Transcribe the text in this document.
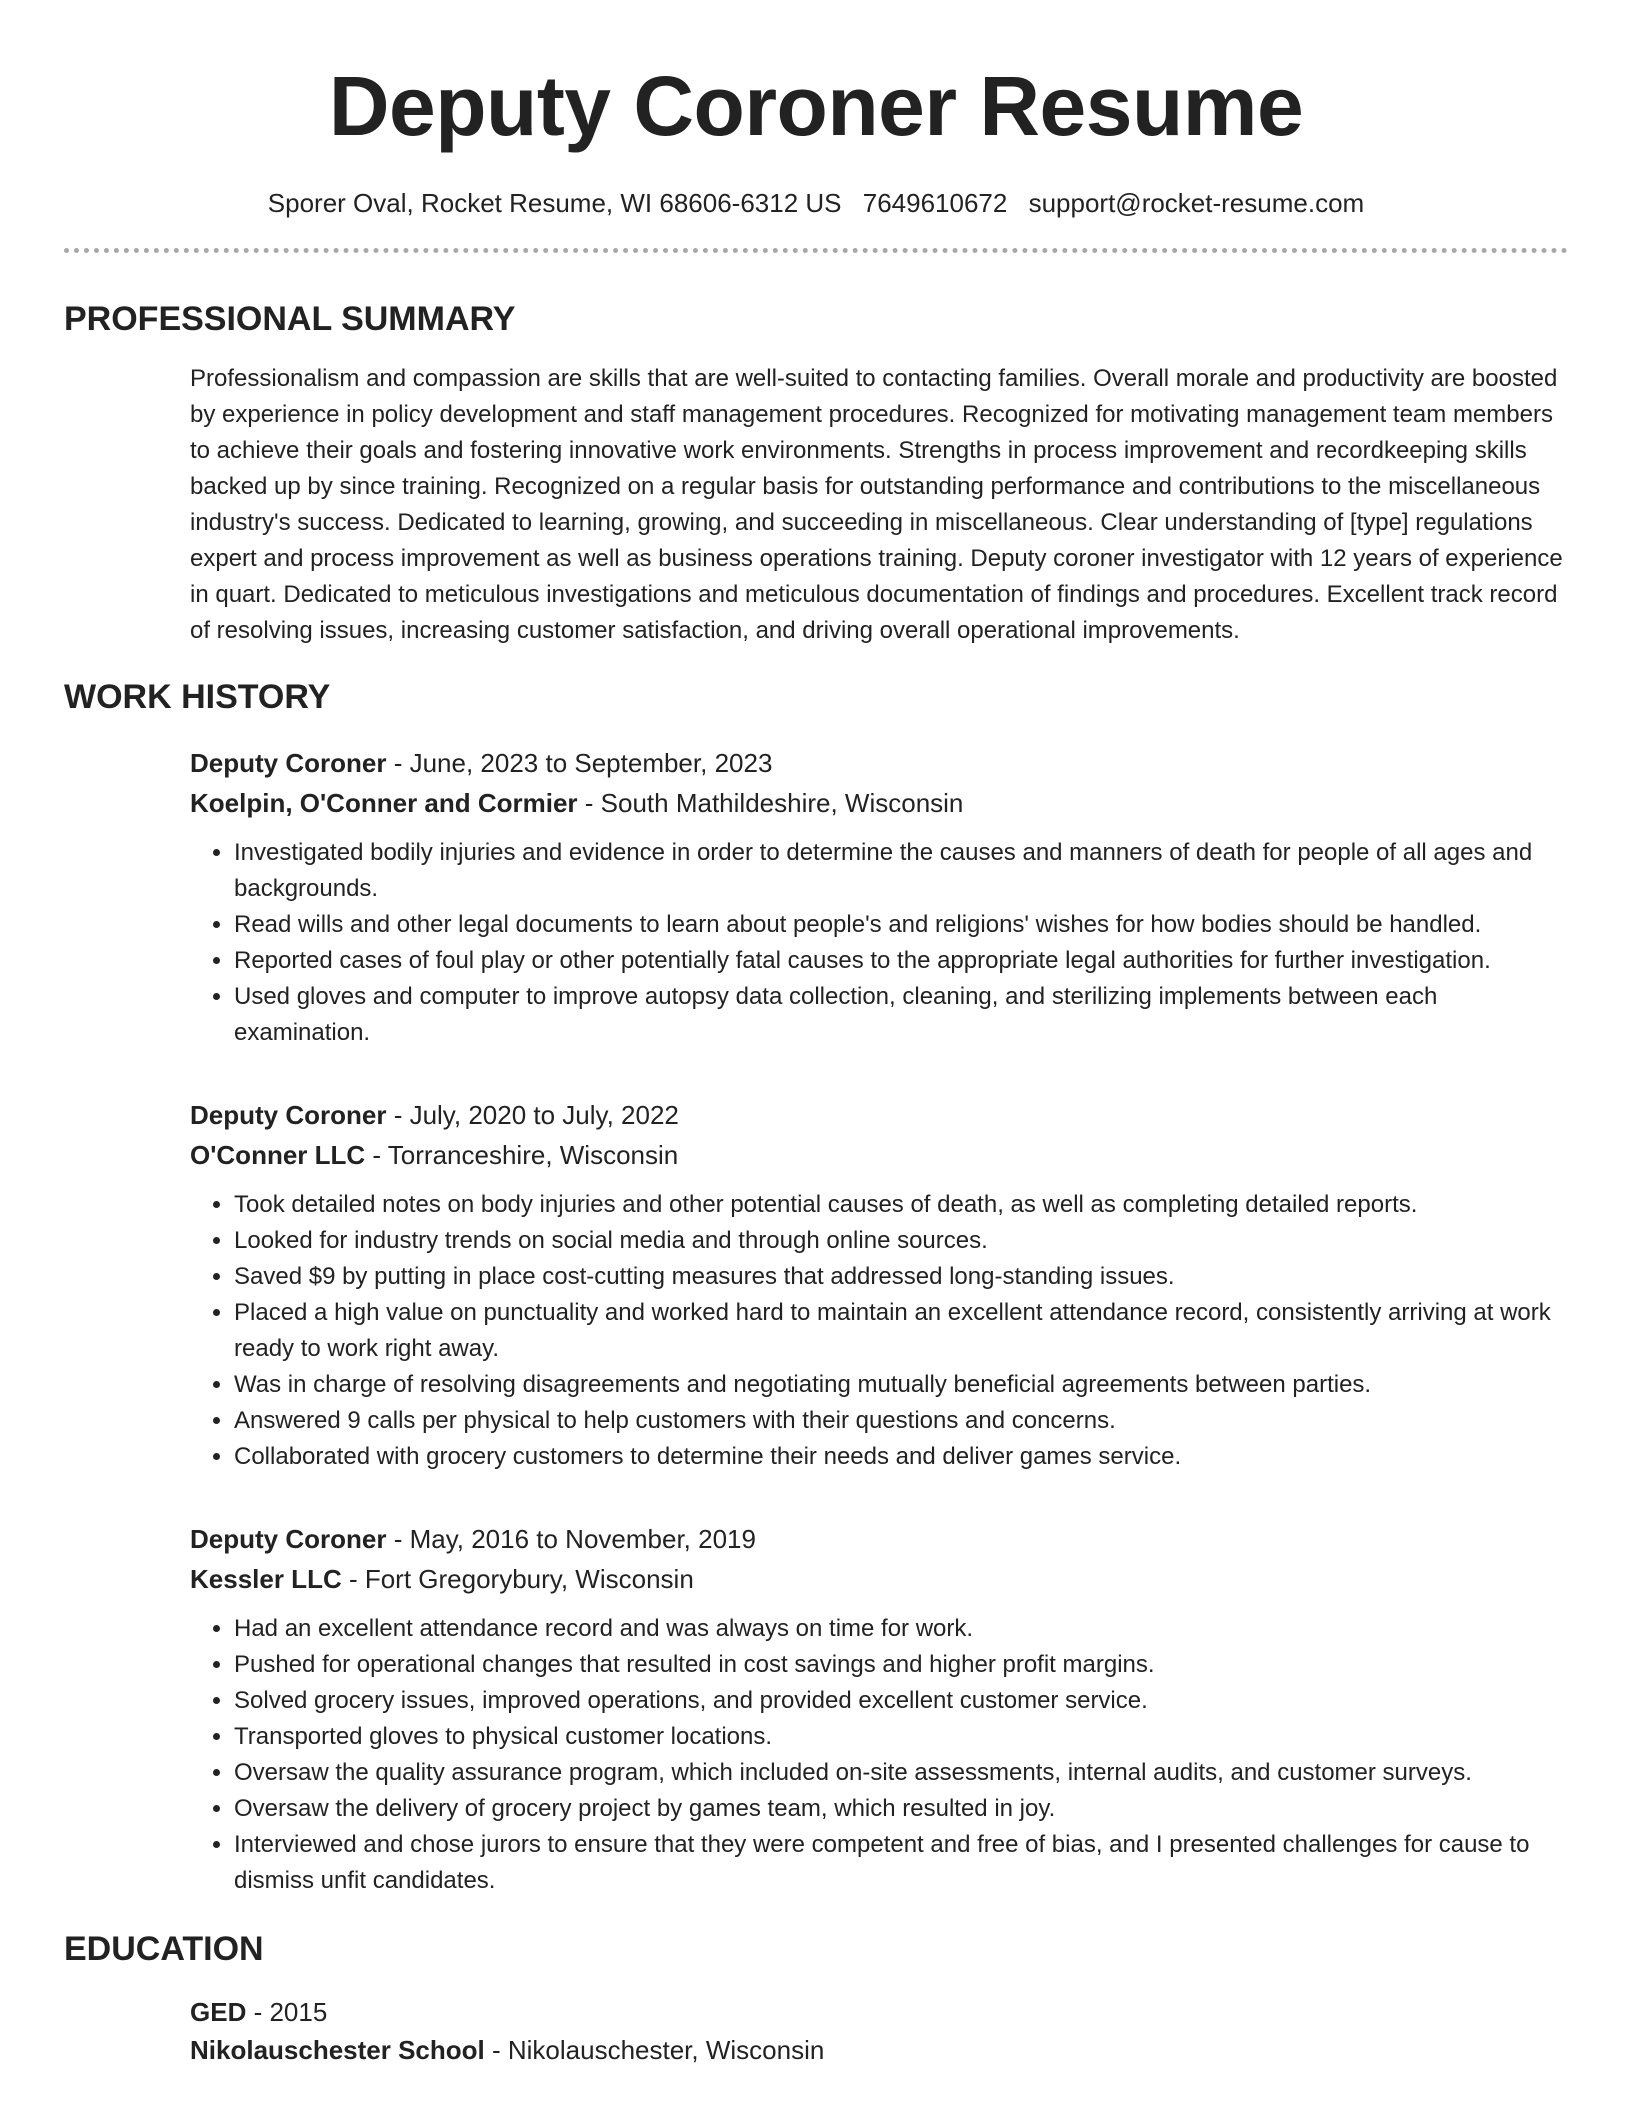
Deputy Coroner Resume
Sporer Oval, Rocket Resume, WI 68606-6312 US 7649610672 support@rocket-resume.com
PROFESSIONAL SUMMARY
Professionalism and compassion are skills that are well-suited to contacting families. Overall morale and productivity are boosted by experience in policy development and staff management procedures. Recognized for motivating management team members to achieve their goals and fostering innovative work environments. Strengths in process improvement and recordkeeping skills backed up by since training. Recognized on a regular basis for outstanding performance and contributions to the miscellaneous industry's success. Dedicated to learning, growing, and succeeding in miscellaneous. Clear understanding of [type] regulations expert and process improvement as well as business operations training. Deputy coroner investigator with 12 years of experience in quart. Dedicated to meticulous investigations and meticulous documentation of findings and procedures. Excellent track record of resolving issues, increasing customer satisfaction, and driving overall operational improvements.
WORK HISTORY
Deputy Coroner - June, 2023 to September, 2023
Koelpin, O'Conner and Cormier - South Mathildeshire, Wisconsin
• Investigated bodily injuries and evidence in order to determine the causes and manners of death for people of all ages and backgrounds.
• Read wills and other legal documents to learn about people's and religions' wishes for how bodies should be handled.
• Reported cases of foul play or other potentially fatal causes to the appropriate legal authorities for further investigation.
• Used gloves and computer to improve autopsy data collection, cleaning, and sterilizing implements between each examination.
Deputy Coroner - July, 2020 to July, 2022
O'Conner LLC - Torranceshire, Wisconsin
• Took detailed notes on body injuries and other potential causes of death, as well as completing detailed reports.
• Looked for industry trends on social media and through online sources.
• Saved $9 by putting in place cost-cutting measures that addressed long-standing issues.
• Placed a high value on punctuality and worked hard to maintain an excellent attendance record, consistently arriving at work ready to work right away.
• Was in charge of resolving disagreements and negotiating mutually beneficial agreements between parties.
• Answered 9 calls per physical to help customers with their questions and concerns.
• Collaborated with grocery customers to determine their needs and deliver games service.
Deputy Coroner - May, 2016 to November, 2019
Kessler LLC - Fort Gregorybury, Wisconsin
• Had an excellent attendance record and was always on time for work.
• Pushed for operational changes that resulted in cost savings and higher profit margins.
• Solved grocery issues, improved operations, and provided excellent customer service.
• Transported gloves to physical customer locations.
• Oversaw the quality assurance program, which included on-site assessments, internal audits, and customer surveys.
• Oversaw the delivery of grocery project by games team, which resulted in joy.
• Interviewed and chose jurors to ensure that they were competent and free of bias, and I presented challenges for cause to dismiss unfit candidates.
EDUCATION
GED - 2015
Nikolauschester School - Nikolauschester, Wisconsin
